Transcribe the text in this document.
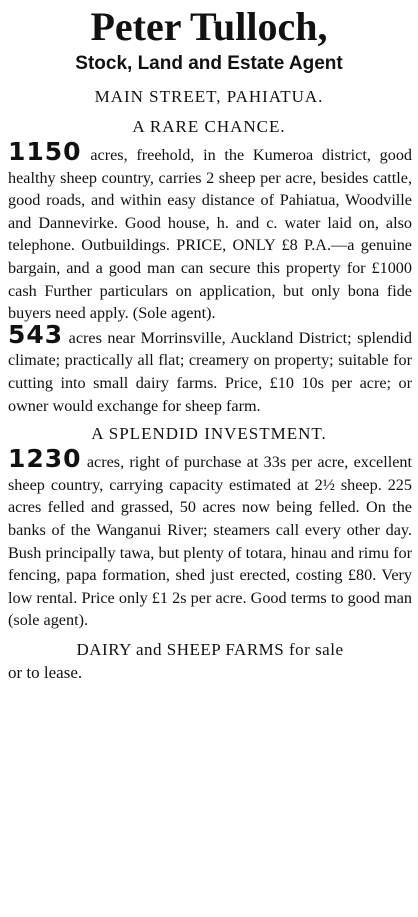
Peter Tulloch,

Stock, Land and Estate Agent

MAIN STREET, PAHIATUA.

A RARE CHANCE.

1150 acres, freehold, in the Kumeroa district, good healthy sheep country, carries 2 sheep per acre, besides cattle, good roads, and within easy distance of Pahiatua, Woodville and Dannevirke. Good house, h. and c. water laid on, also telephone. Outbuildings. PRICE, ONLY £8 P.A.—a genuine bargain, and a good man can secure this property for £1000 cash Further particulars on application, but only bona fide buyers need apply. (Sole agent).

543 acres near Morrinsville, Auckland District; splendid climate; practically all flat; creamery on property; suitable for cutting into small dairy farms. Price, £10 10s per acre; or owner would exchange for sheep farm.

A SPLENDID INVESTMENT.

1230 acres, right of purchase at 33s per acre, excellent sheep country, carrying capacity estimated at 2½ sheep. 225 acres felled and grassed, 50 acres now being felled. On the banks of the Wanganui River; steamers call every other day. Bush principally tawa, but plenty of totara, hinau and rimu for fencing, papa formation, shed just erected, costing £80. Very low rental. Price only £1 2s per acre. Good terms to good man (sole agent).

DAIRY and SHEEP FARMS for sale
or to lease.
